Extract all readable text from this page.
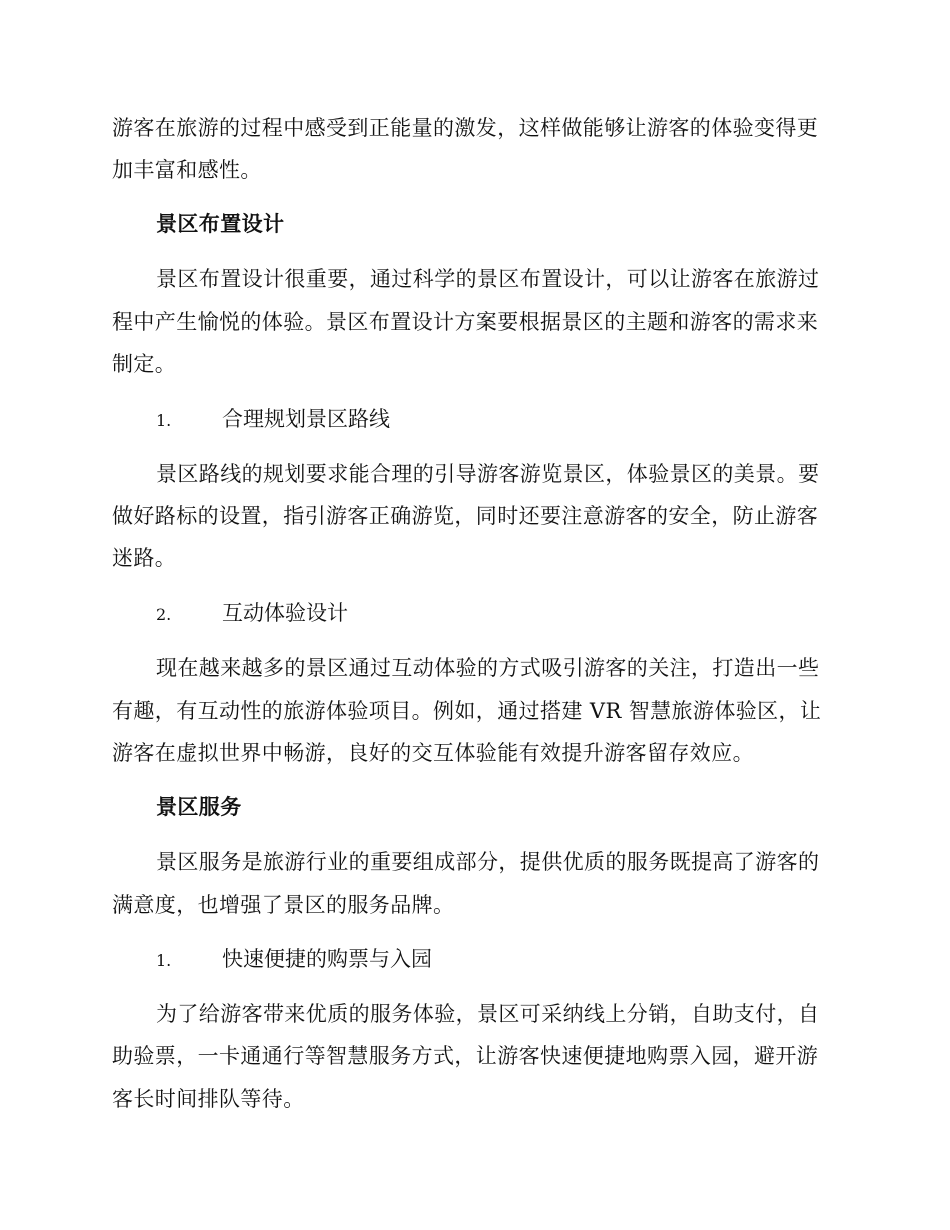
游客在旅游的过程中感受到正能量的激发，这样做能够让游客的体验变得更
加丰富和感性。
景区布置设计
景区布置设计很重要，通过科学的景区布置设计，可以让游客在旅游过
程中产生愉悦的体验。景区布置设计方案要根据景区的主题和游客的需求来
制定。
1. 合理规划景区路线
景区路线的规划要求能合理的引导游客游览景区，体验景区的美景。要
做好路标的设置，指引游客正确游览，同时还要注意游客的安全，防止游客
迷路。
2. 互动体验设计
现在越来越多的景区通过互动体验的方式吸引游客的关注，打造出一些
有趣，有互动性的旅游体验项目。例如，通过搭建 VR 智慧旅游体验区，让
游客在虚拟世界中畅游，良好的交互体验能有效提升游客留存效应。
景区服务
景区服务是旅游行业的重要组成部分，提供优质的服务既提高了游客的
满意度，也增强了景区的服务品牌。
1. 快速便捷的购票与入园
为了给游客带来优质的服务体验，景区可采纳线上分销，自助支付，自
助验票，一卡通通行等智慧服务方式，让游客快速便捷地购票入园，避开游
客长时间排队等待。
